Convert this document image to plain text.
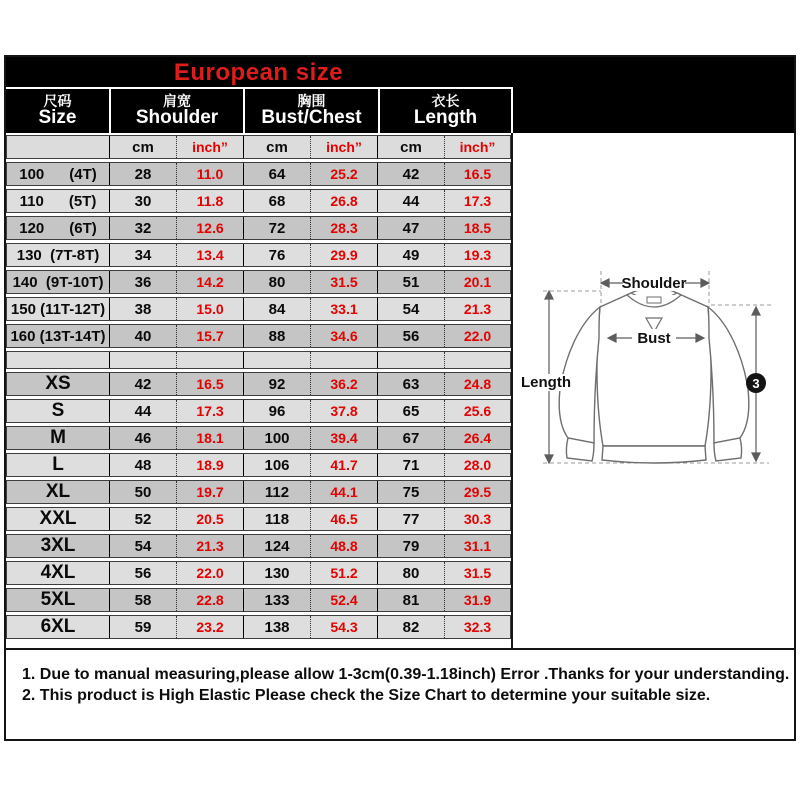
European size
尺码
Size
肩宽
Shoulder
胸围
Bust/Chest
衣长
Length
cm	inch”	cm	inch”	cm	inch”
100      (4T)	28	11.0	64	25.2	42	16.5
110      (5T)	30	11.8	68	26.8	44	17.3
120      (6T)	32	12.6	72	28.3	47	18.5
130  (7T-8T)	34	13.4	76	29.9	49	19.3
140  (9T-10T)	36	14.2	80	31.5	51	20.1
150 (11T-12T)	38	15.0	84	33.1	54	21.3
160 (13T-14T)	40	15.7	88	34.6	56	22.0
XS	42	16.5	92	36.2	63	24.8
S	44	17.3	96	37.8	65	25.6
M	46	18.1	100	39.4	67	26.4
L	48	18.9	106	41.7	71	28.0
XL	50	19.7	112	44.1	75	29.5
XXL	52	20.5	118	46.5	77	30.3
3XL	54	21.3	124	48.8	79	31.1
4XL	56	22.0	130	51.2	80	31.5
5XL	58	22.8	133	52.4	81	31.9
6XL	59	23.2	138	54.3	82	32.3
Shoulder
Bust
Length	3
1. Due to manual measuring,please allow 1-3cm(0.39-1.18inch) Error .Thanks for your understanding.
2. This product is High Elastic Please check the Size Chart to determine your suitable size.
